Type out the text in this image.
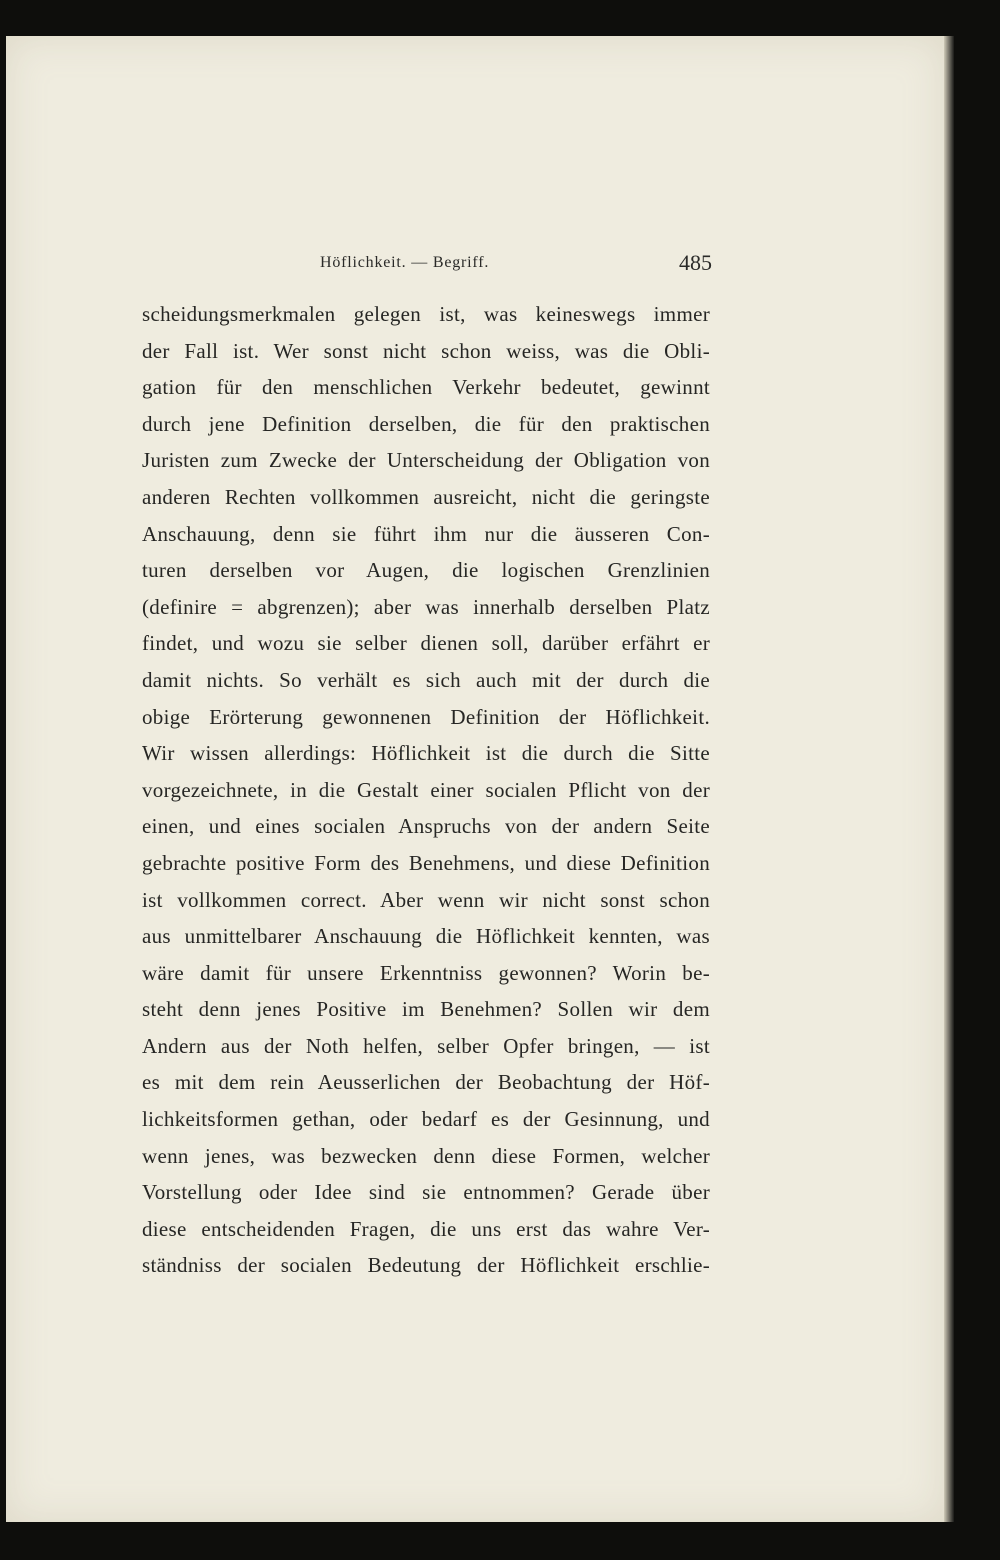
Höflichkeit. — Begriff.	485
scheidungsmerkmalen gelegen ist, was keineswegs immer
der Fall ist. Wer sonst nicht schon weiss, was die Obli-
gation für den menschlichen Verkehr bedeutet, gewinnt
durch jene Definition derselben, die für den praktischen
Juristen zum Zwecke der Unterscheidung der Obligation von
anderen Rechten vollkommen ausreicht, nicht die geringste
Anschauung, denn sie führt ihm nur die äusseren Con-
turen derselben vor Augen, die logischen Grenzlinien
(definire = abgrenzen); aber was innerhalb derselben Platz
findet, und wozu sie selber dienen soll, darüber erfährt er
damit nichts. So verhält es sich auch mit der durch die
obige Erörterung gewonnenen Definition der Höflichkeit.
Wir wissen allerdings: Höflichkeit ist die durch die Sitte
vorgezeichnete, in die Gestalt einer socialen Pflicht von der
einen, und eines socialen Anspruchs von der andern Seite
gebrachte positive Form des Benehmens, und diese Definition
ist vollkommen correct. Aber wenn wir nicht sonst schon
aus unmittelbarer Anschauung die Höflichkeit kennten, was
wäre damit für unsere Erkenntniss gewonnen? Worin be-
steht denn jenes Positive im Benehmen? Sollen wir dem
Andern aus der Noth helfen, selber Opfer bringen, — ist
es mit dem rein Aeusserlichen der Beobachtung der Höf-
lichkeitsformen gethan, oder bedarf es der Gesinnung, und
wenn jenes, was bezwecken denn diese Formen, welcher
Vorstellung oder Idee sind sie entnommen? Gerade über
diese entscheidenden Fragen, die uns erst das wahre Ver-
ständniss der socialen Bedeutung der Höflichkeit erschlie-
